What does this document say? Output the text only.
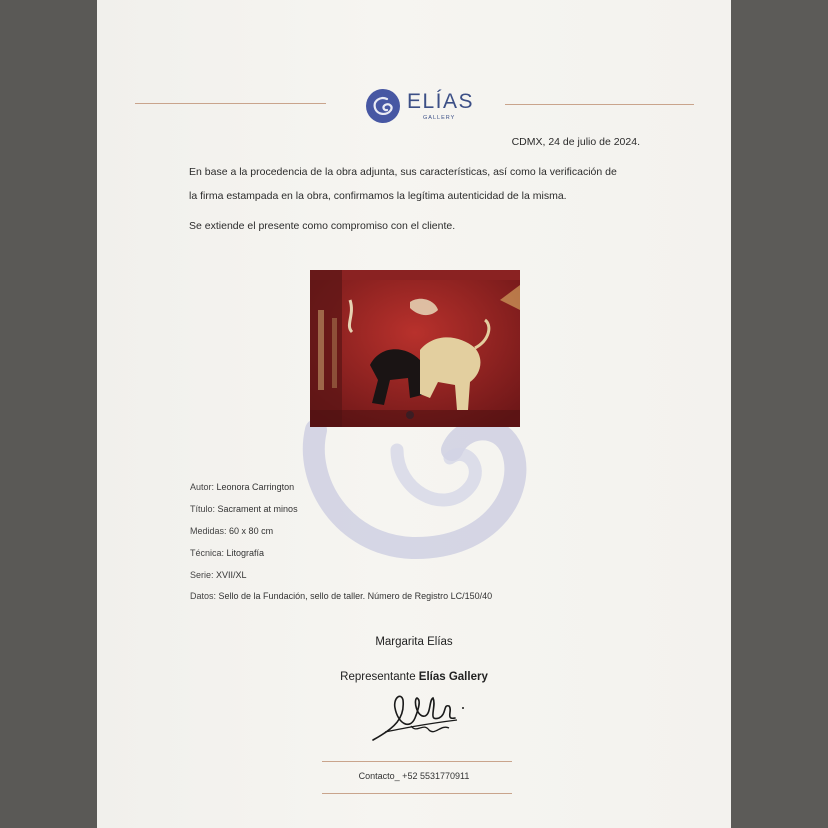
ELÍAS
GALLERY
CDMX, 24 de julio de 2024.
En base a la procedencia de la obra adjunta, sus características, así como la verificación de
la firma estampada en la obra, confirmamos la legítima autenticidad de la misma.
Se extiende el presente como compromiso con el cliente.
Autor: Leonora Carrington
Título: Sacrament at minos
Medidas: 60 x 80 cm
Técnica: Litografía
Serie: XVII/XL
Datos: Sello de la Fundación, sello de taller. Número de Registro LC/150/40
Margarita Elías
Representante Elías Gallery
Contacto_ +52 5531770911
